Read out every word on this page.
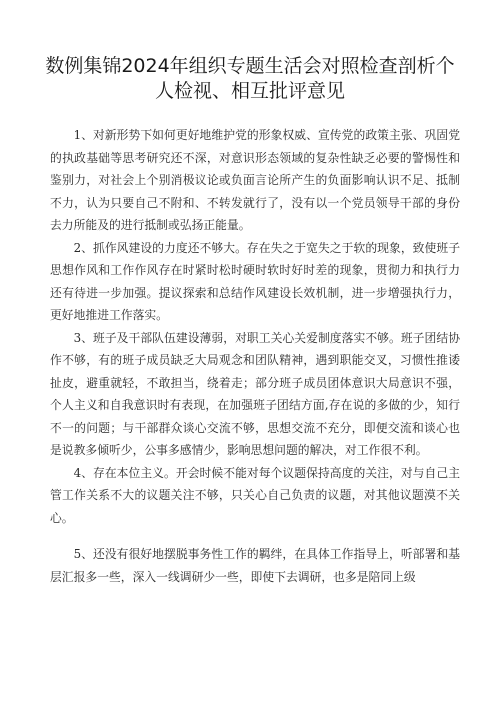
数例集锦2024年组织专题生活会对照检查剖析个人检视、相互批评意见

1、对新形势下如何更好地维护党的形象权威、宣传党的政策主张、巩固党的执政基础等思考研究还不深，对意识形态领域的复杂性缺乏必要的警惕性和鉴别力，对社会上个别消极议论或负面言论所产生的负面影响认识不足、抵制不力，认为只要自己不附和、不转发就行了，没有以一个党员领导干部的身份去力所能及的进行抵制或弘扬正能量。

2、抓作风建设的力度还不够大。存在失之于宽失之于软的现象，致使班子思想作风和工作作风存在时紧时松时硬时软时好时差的现象，贯彻力和执行力还有待进一步加强。提议探索和总结作风建设长效机制，进一步增强执行力，更好地推进工作落实。

3、班子及干部队伍建设薄弱，对职工关心关爱制度落实不够。班子团结协作不够，有的班子成员缺乏大局观念和团队精神，遇到职能交叉，习惯性推诿扯皮，避重就轻，不敢担当，绕着走；部分班子成员团体意识大局意识不强，个人主义和自我意识时有表现，在加强班子团结方面,存在说的多做的少，知行不一的问题；与干部群众谈心交流不够，思想交流不充分，即便交流和谈心也是说教多倾听少，公事多感情少，影响思想问题的解决，对工作很不利。

4、存在本位主义。开会时候不能对每个议题保持高度的关注，对与自己主管工作关系不大的议题关注不够，只关心自己负责的议题，对其他议题漠不关心。

5、还没有很好地摆脱事务性工作的羁绊，在具体工作指导上，听部署和基层汇报多一些，深入一线调研少一些，即使下去调研，也多是陪同上级
